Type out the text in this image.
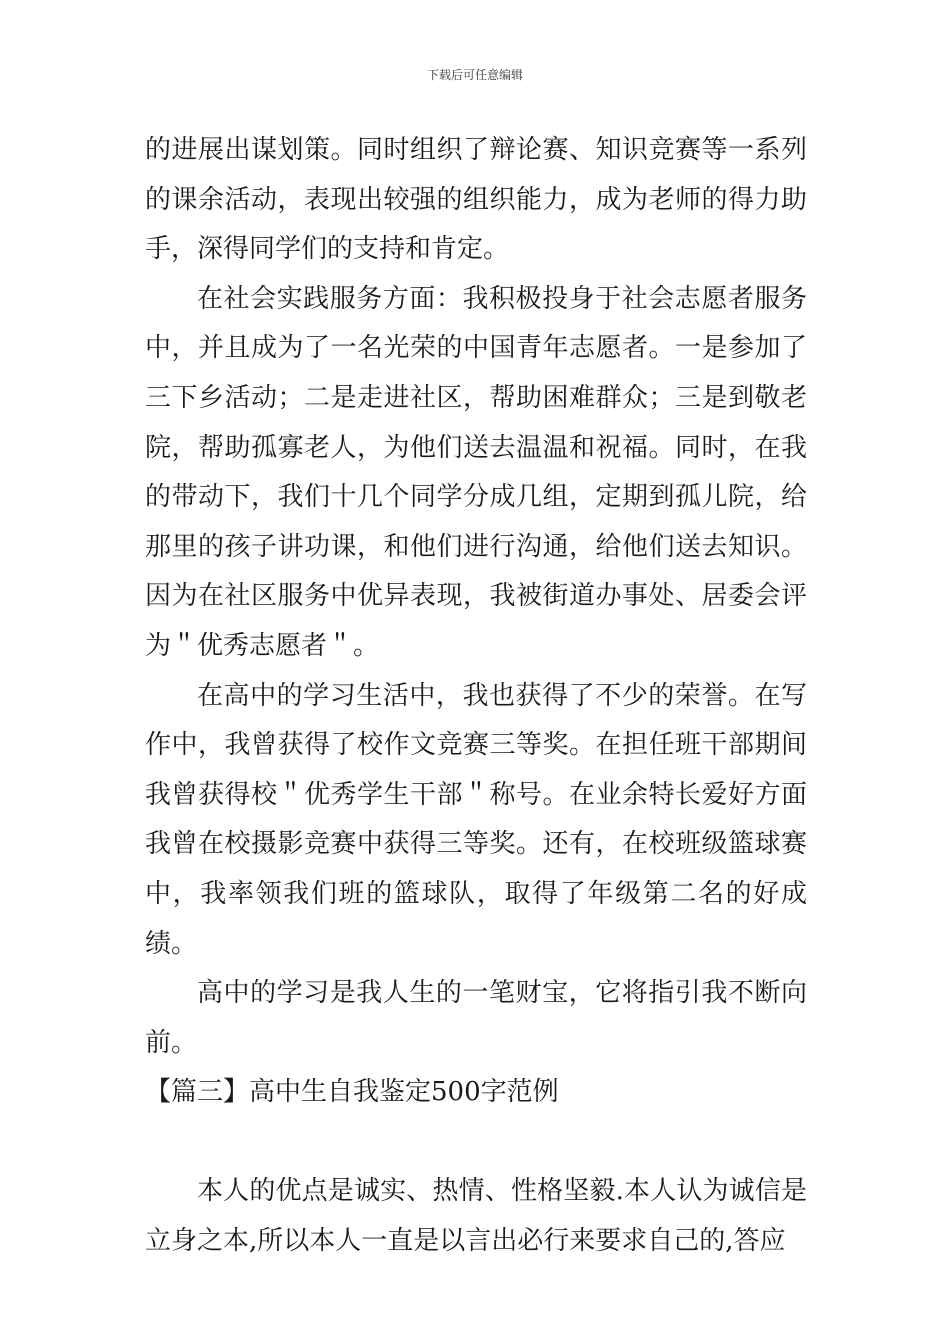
下载后可任意编辑

的进展出谋划策。同时组织了辩论赛、知识竞赛等一系列的课余活动，表现出较强的组织能力，成为老师的得力助手，深得同学们的支持和肯定。

在社会实践服务方面：我积极投身于社会志愿者服务中，并且成为了一名光荣的中国青年志愿者。一是参加了三下乡活动；二是走进社区，帮助困难群众；三是到敬老院，帮助孤寡老人，为他们送去温温和祝福。同时，在我的带动下，我们十几个同学分成几组，定期到孤儿院，给那里的孩子讲功课，和他们进行沟通，给他们送去知识。因为在社区服务中优异表现，我被街道办事处、居委会评为＂优秀志愿者＂。

在高中的学习生活中，我也获得了不少的荣誉。在写作中，我曾获得了校作文竞赛三等奖。在担任班干部期间我曾获得校＂优秀学生干部＂称号。在业余特长爱好方面我曾在校摄影竞赛中获得三等奖。还有，在校班级篮球赛中，我率领我们班的篮球队，取得了年级第二名的好成绩。

高中的学习是我人生的一笔财宝，它将指引我不断向前。

【篇三】高中生自我鉴定500字范例

本人的优点是诚实、热情、性格坚毅.本人认为诚信是立身之本,所以本人一直是以言出必行来要求自己的,答应
